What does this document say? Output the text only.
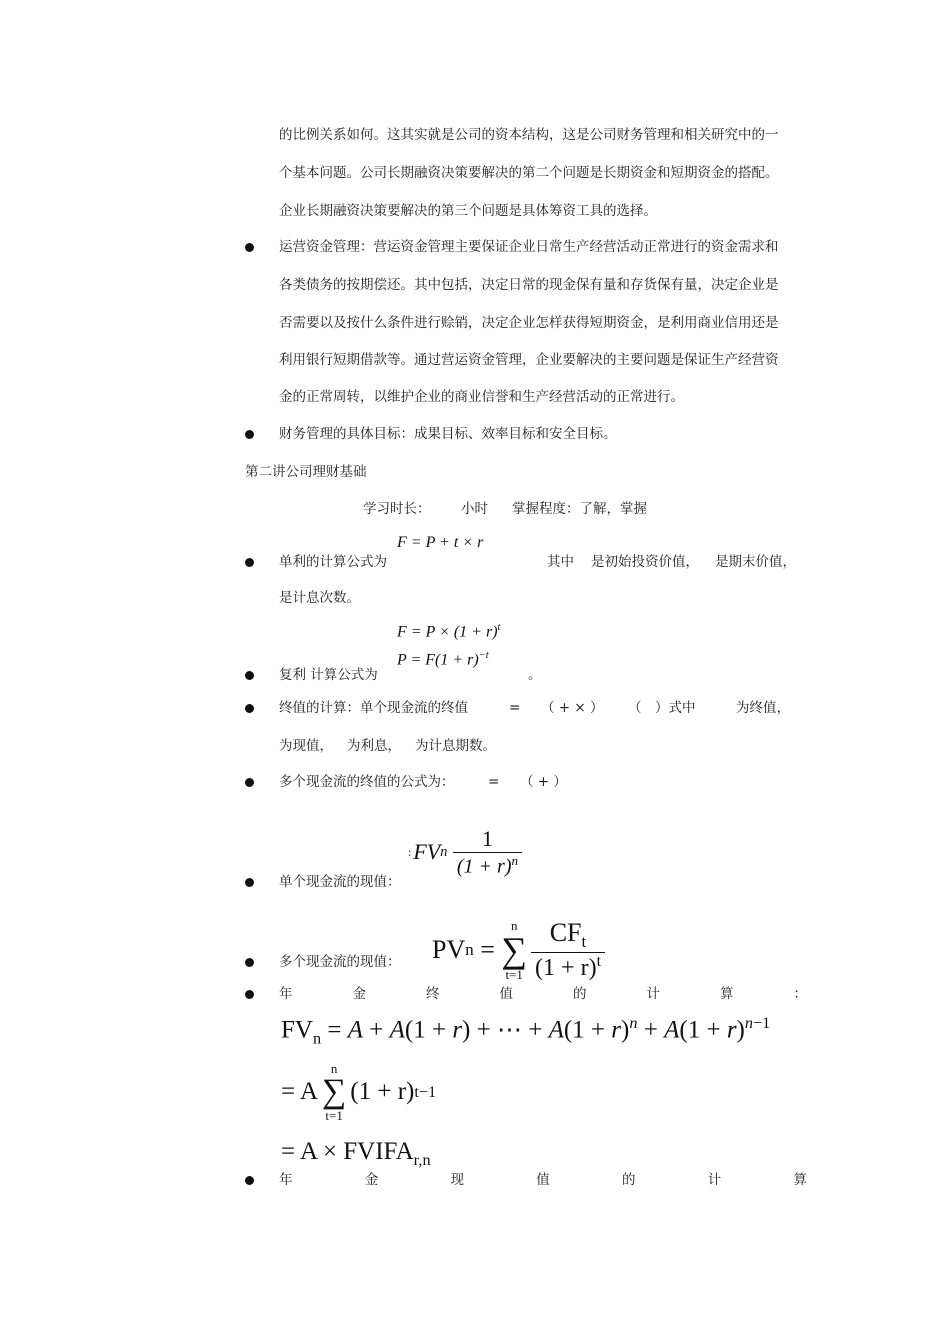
的比例关系如何。这其实就是公司的资本结构，这是公司财务管理和相关研究中的一
个基本问题。公司长期融资决策要解决的第二个问题是长期资金和短期资金的搭配。
企业长期融资决策要解决的第三个问题是具体筹资工具的选择。
运营资金管理：营运资金管理主要保证企业日常生产经营活动正常进行的资金需求和
各类债务的按期偿还。其中包括，决定日常的现金保有量和存货保有量，决定企业是
否需要以及按什么条件进行赊销，决定企业怎样获得短期资金，是利用商业信用还是
利用银行短期借款等。通过营运资金管理，企业要解决的主要问题是保证生产经营资
金的正常周转，以维护企业的商业信誉和生产经营活动的正常进行。
财务管理的具体目标：成果目标、效率目标和安全目标。
第二讲公司理财基础
学习时长： 小时 掌握程度：了解，掌握
F = P + t × r
单利的计算公式为	其中 是初始投资价值， 是期末价值，
是计息次数。
$F = P \times (1 + r)^t$
$P = F(1 + r)^{-t}$
复利 计算公式为	。
终值的计算：单个现金流的终值	= （ + × ） （　）式中	为终值，
为现值， 为利息， 为计息期数。
多个现金流的终值的公式为： = （ + ）
: FV n
$\frac{1}{(1 + r)^n}$
单个现金流的现值：
PV n =
n
∑
$t=1 \frac{CF_t}{(1 + r)^t}$
多个现金流的现值：
年	金	终	值	的	计	算	：
$FV_n = A + A(1 + r)$ + ⋯ + $A(1 + r)^n + A(1 + r)^{n-1}$
= A
n
∑
t=1
(1 + r) t−1
= $A \times FVIFA_{r,n}$
年	金	现	值	的	计	算
